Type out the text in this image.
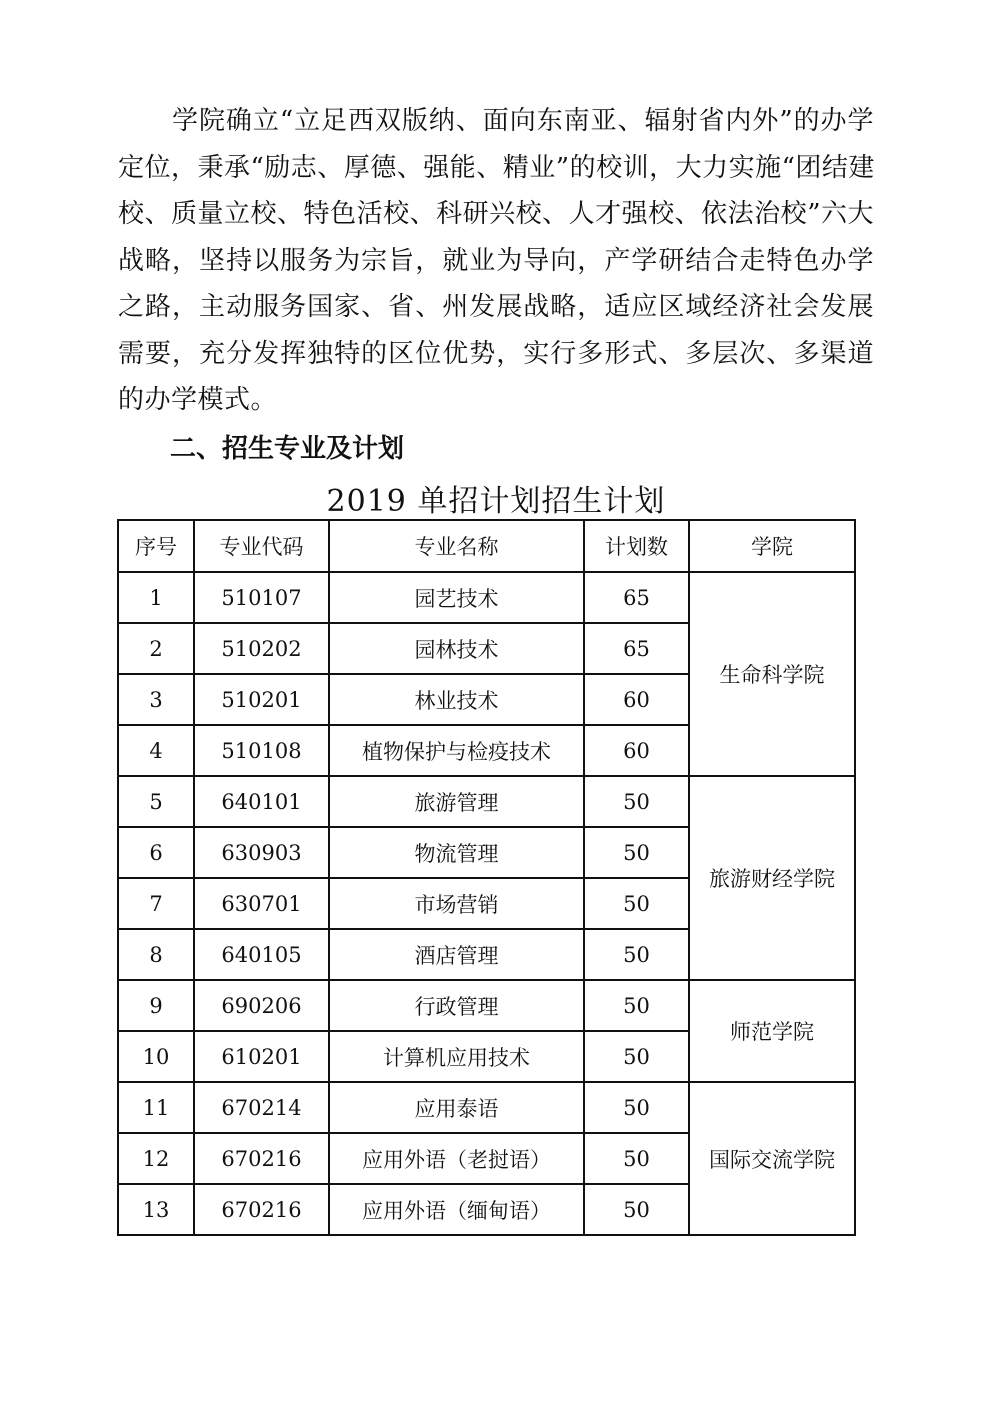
学院确立“立足西双版纳、面向东南亚、辐射省内外”的办学
定位，秉承“励志、厚德、强能、精业”的校训，大力实施“团结建
校、质量立校、特色活校、科研兴校、人才强校、依法治校”六大
战略，坚持以服务为宗旨，就业为导向，产学研结合走特色办学
之路，主动服务国家、省、州发展战略，适应区域经济社会发展
需要，充分发挥独特的区位优势，实行多形式、多层次、多渠道
的办学模式。
二、招生专业及计划
2019 单招计划招生计划
序号	专业代码	专业名称	计划数	学院
1	510107	园艺技术	65	生命科学院
2	510202	园林技术	65	
3	510201	林业技术	60	
4	510108	植物保护与检疫技术	60	
5	640101	旅游管理	50	旅游财经学院
6	630903	物流管理	50	
7	630701	市场营销	50	
8	640105	酒店管理	50	
9	690206	行政管理	50	师范学院
10	610201	计算机应用技术	50	
11	670214	应用泰语	50	国际交流学院
12	670216	应用外语（老挝语）	50	
13	670216	应用外语（缅甸语）	50	
